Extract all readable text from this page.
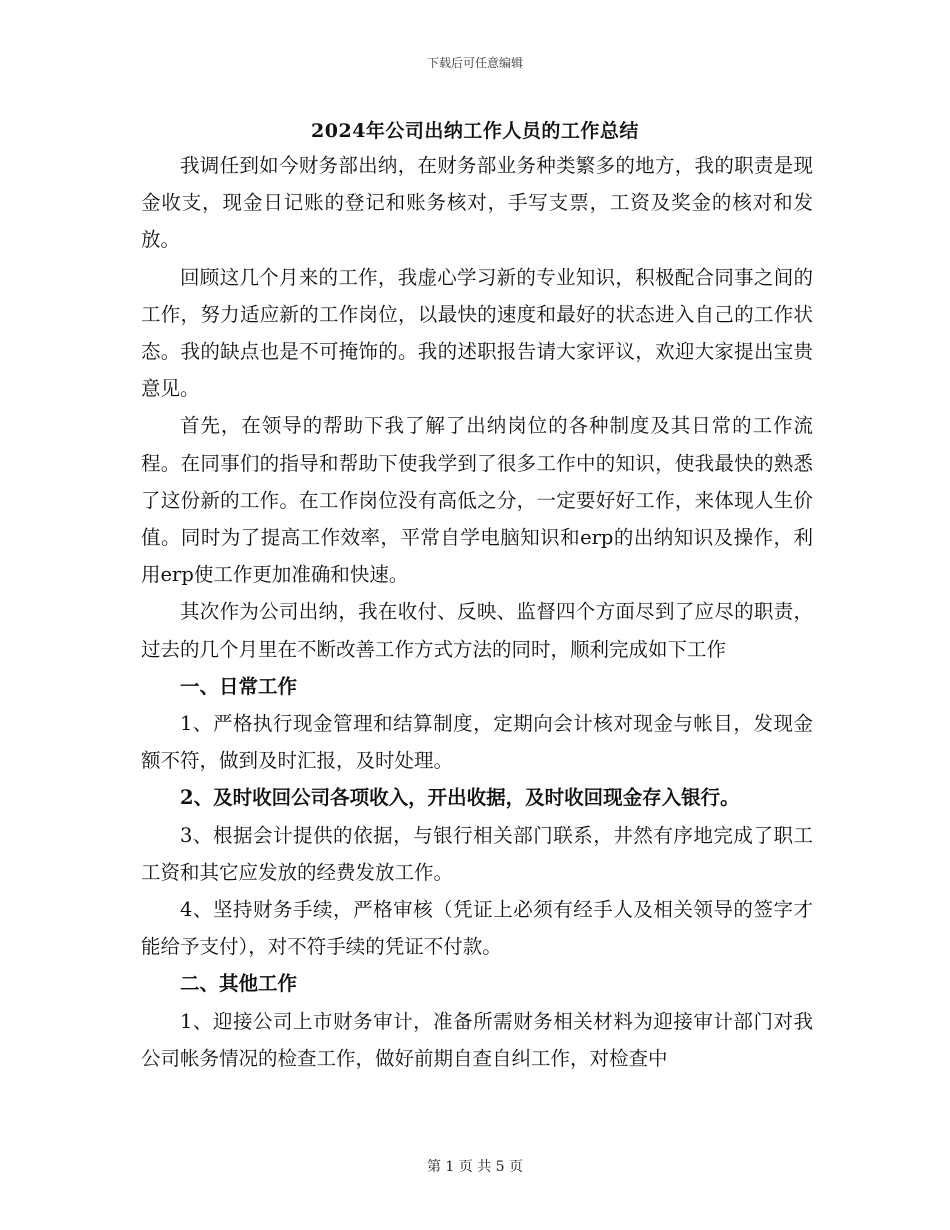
下载后可任意编辑
2024年公司出纳工作人员的工作总结

我调任到如今财务部出纳，在财务部业务种类繁多的地方，我的职责是现金收支，现金日记账的登记和账务核对，手写支票，工资及奖金的核对和发放。

回顾这几个月来的工作，我虚心学习新的专业知识，积极配合同事之间的工作，努力适应新的工作岗位，以最快的速度和最好的状态进入自己的工作状态。我的缺点也是不可掩饰的。我的述职报告请大家评议，欢迎大家提出宝贵意见。

首先，在领导的帮助下我了解了出纳岗位的各种制度及其日常的工作流程。在同事们的指导和帮助下使我学到了很多工作中的知识，使我最快的熟悉了这份新的工作。在工作岗位没有高低之分，一定要好好工作，来体现人生价值。同时为了提高工作效率，平常自学电脑知识和erp的出纳知识及操作，利用erp使工作更加准确和快速。

其次作为公司出纳，我在收付、反映、监督四个方面尽到了应尽的职责，过去的几个月里在不断改善工作方式方法的同时，顺利完成如下工作

一、日常工作

1、严格执行现金管理和结算制度，定期向会计核对现金与帐目，发现金额不符，做到及时汇报，及时处理。

2、及时收回公司各项收入，开出收据，及时收回现金存入银行。

3、根据会计提供的依据，与银行相关部门联系，井然有序地完成了职工工资和其它应发放的经费发放工作。

4、坚持财务手续，严格审核（凭证上必须有经手人及相关领导的签字才能给予支付），对不符手续的凭证不付款。

二、其他工作

1、迎接公司上市财务审计，准备所需财务相关材料为迎接审计部门对我公司帐务情况的检查工作，做好前期自查自纠工作，对检查中

第 1 页 共 5 页
